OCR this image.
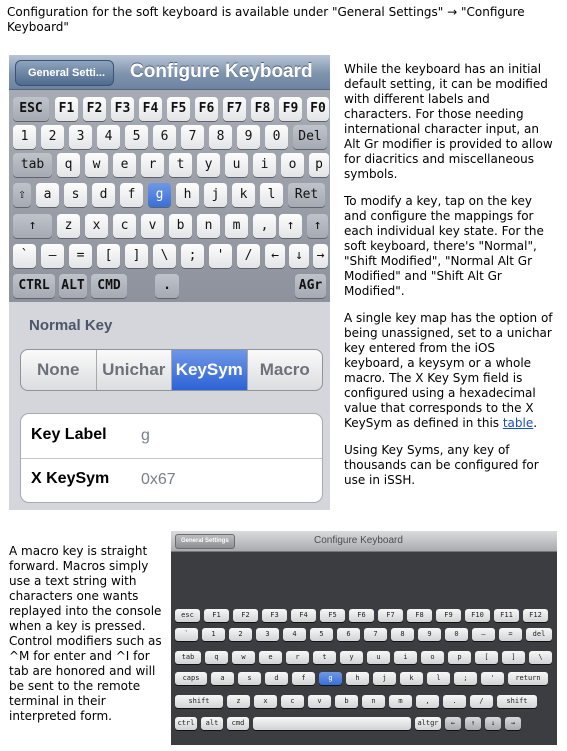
Configuration for the soft keyboard is available under "General Settings" → "Configure Keyboard"
General Setti...	Configure Keyboard
ESC	F1 F2 F3 F4 F5 F6 F7 F8 F9 F0
1	2	3	4	5	6	7	8	9	0	Del
tab	q	w	e	r	t	y	u	i	o	p
⇧	a	s	d	f	g	h	j	k	l	Ret
↑	z	x	c	v	b	n	m	,	↑	↑
`	–	=	[	]	\	;	'	/	←	↓	→
CTRL ALT CMD	.	AGr
Normal Key
None	Unichar KeySym Macro
Key Label g
X KeySym 0x67

While the keyboard has an initial default setting, it can be modified with different labels and characters. For those needing international character input, an Alt Gr modifier is provided to allow for diacritics and miscellaneous symbols.

To modify a key, tap on the key and configure the mappings for each individual key state. For the soft keyboard, there's "Normal", "Shift Modified", "Normal Alt Gr Modified" and "Shift Alt Gr Modified".

A single key map has the option of being unassigned, set to a unichar key entered from the iOS keyboard, a keysym or a whole macro. The X Key Sym field is configured using a hexadecimal value that corresponds to the X KeySym as defined in this table.

Using Key Syms, any key of thousands can be configured for use in iSSH.

A macro key is straight forward. Macros simply use a text string with characters one wants replayed into the console when a key is pressed. Control modifiers such as ^M for enter and ^I for tab are honored and will be sent to the remote terminal in their interpreted form.
General Settings	Configure Keyboard
esc	F1	F2	F3	F4	F5	F6	F7	F8	F9	F10	F11	F12
`	1	2	3	4	5	6	7	8	9	0	–	=	del
tab	q	w	e	r	t	y	u	i	o	p	[	]	\
caps	a	s	d	f	g	h	j	k	l	;	'	return
shift	z	x	c	v	b	n	m	,	.	/	shift
ctrl	alt	cmd	altgr	←	↑	↓	→
